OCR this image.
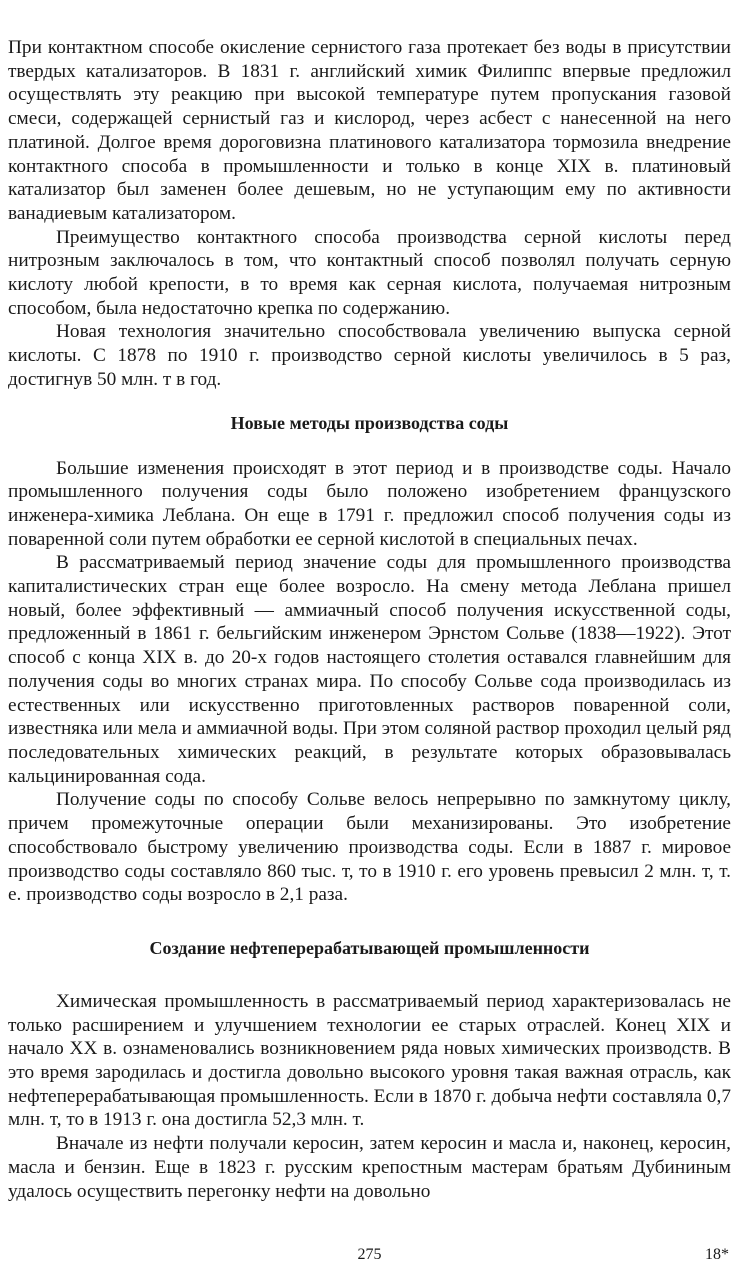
При контактном способе окисление сернистого газа протекает без воды в присутствии твердых катализаторов. В 1831 г. английский химик Филиппс впервые предложил осуществлять эту реакцию при высокой температуре путем пропускания газовой смеси, содержащей сернистый газ и кислород, через асбест с нанесенной на него платиной. Долгое время дороговизна платинового катализатора тормозила внедрение контактного способа в промышленности и только в конце XIX в. платиновый катализатор был заменен более дешевым, но не уступающим ему по активности ванадиевым катализатором.

Преимущество контактного способа производства серной кислоты перед нитрозным заключалось в том, что контактный способ позволял получать серную кислоту любой крепости, в то время как серная кислота, получаемая нитрозным способом, была недостаточно крепка по содержанию.

Новая технология значительно способствовала увеличению выпуска серной кислоты. С 1878 по 1910 г. производство серной кислоты увеличилось в 5 раз, достигнув 50 млн. т в год.

Новые методы производства соды

Большие изменения происходят в этот период и в производстве соды. Начало промышленного получения соды было положено изобретением французского инженера-химика Леблана. Он еще в 1791 г. предложил способ получения соды из поваренной соли путем обработки ее серной кислотой в специальных печах.

В рассматриваемый период значение соды для промышленного производства капиталистических стран еще более возросло. На смену метода Леблана пришел новый, более эффективный — аммиачный способ получения искусственной соды, предложенный в 1861 г. бельгийским инженером Эрнстом Сольве (1838—1922). Этот способ с конца XIX в. до 20-х годов настоящего столетия оставался главнейшим для получения соды во многих странах мира. По способу Сольве сода производилась из естественных или искусственно приготовленных растворов поваренной соли, известняка или мела и аммиачной воды. При этом соляной раствор проходил целый ряд последовательных химических реакций, в результате которых образовывалась кальцинированная сода.

Получение соды по способу Сольве велось непрерывно по замкнутому циклу, причем промежуточные операции были механизированы. Это изобретение способствовало быстрому увеличению производства соды. Если в 1887 г. мировое производство соды составляло 860 тыс. т, то в 1910 г. его уровень превысил 2 млн. т, т. е. производство соды возросло в 2,1 раза.

Создание нефтеперерабатывающей промышленности

Химическая промышленность в рассматриваемый период характеризовалась не только расширением и улучшением технологии ее старых отраслей. Конец XIX и начало XX в. ознаменовались возникновением ряда новых химических производств. В это время зародилась и достигла довольно высокого уровня такая важная отрасль, как нефтеперерабатывающая промышленность. Если в 1870 г. добыча нефти составляла 0,7 млн. т, то в 1913 г. она достигла 52,3 млн. т.

Вначале из нефти получали керосин, затем керосин и масла и, наконец, керосин, масла и бензин. Еще в 1823 г. русским крепостным мастерам братьям Дубининым удалось осуществить перегонку нефти на довольно

275	18*
